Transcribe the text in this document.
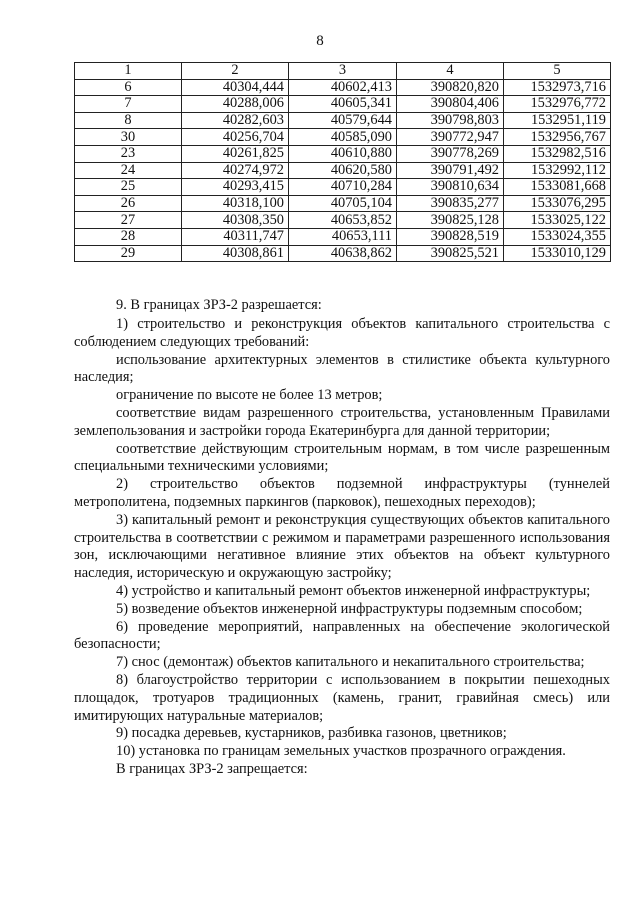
8
1	2	3	4	5
6	40304,444	40602,413	390820,820	1532973,716
7	40288,006	40605,341	390804,406	1532976,772
8	40282,603	40579,644	390798,803	1532951,119
30	40256,704	40585,090	390772,947	1532956,767
23	40261,825	40610,880	390778,269	1532982,516
24	40274,972	40620,580	390791,492	1532992,112
25	40293,415	40710,284	390810,634	1533081,668
26	40318,100	40705,104	390835,277	1533076,295
27	40308,350	40653,852	390825,128	1533025,122
28	40311,747	40653,111	390828,519	1533024,355
29	40308,861	40638,862	390825,521	1533010,129

9. В границах ЗРЗ-2 разрешается:

1) строительство и реконструкция объектов капитального строительства с соблюдением следующих требований:

использование архитектурных элементов в стилистике объекта культурного наследия;

ограничение по высоте не более 13 метров;

соответствие видам разрешенного строительства, установленным Правилами землепользования и застройки города Екатеринбурга для данной территории;

соответствие действующим строительным нормам, в том числе разрешенным специальными техническими условиями;

2) строительство объектов подземной инфраструктуры (туннелей метрополитена, подземных паркингов (парковок), пешеходных переходов);

3) капитальный ремонт и реконструкция существующих объектов капитального строительства в соответствии с режимом и параметрами разрешенного использования зон, исключающими негативное влияние этих объектов на объект культурного наследия, историческую и окружающую застройку;

4) устройство и капитальный ремонт объектов инженерной инфраструктуры;

5) возведение объектов инженерной инфраструктуры подземным способом;

6) проведение мероприятий, направленных на обеспечение экологической безопасности;

7) снос (демонтаж) объектов капитального и некапитального строительства;

8) благоустройство территории с использованием в покрытии пешеходных площадок, тротуаров традиционных (камень, гранит, гравийная смесь) или имитирующих натуральные материалов;

9) посадка деревьев, кустарников, разбивка газонов, цветников;

10) установка по границам земельных участков прозрачного ограждения.

В границах ЗРЗ-2 запрещается:
